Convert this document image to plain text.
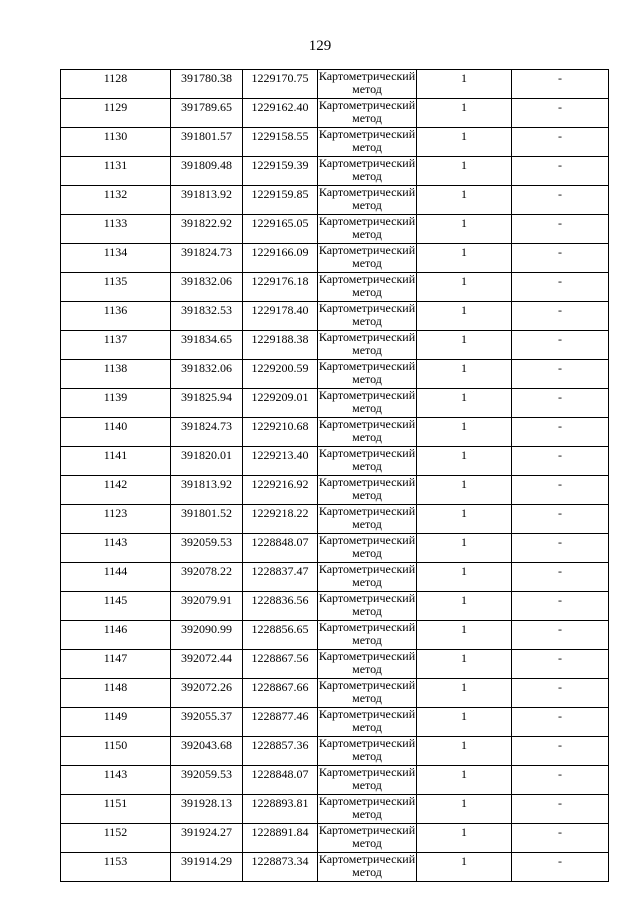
129
1128	391780.38	1229170.75	Картометрический метод	1	-
1129	391789.65	1229162.40	Картометрический метод	1	-
1130	391801.57	1229158.55	Картометрический метод	1	-
1131	391809.48	1229159.39	Картометрический метод	1	-
1132	391813.92	1229159.85	Картометрический метод	1	-
1133	391822.92	1229165.05	Картометрический метод	1	-
1134	391824.73	1229166.09	Картометрический метод	1	-
1135	391832.06	1229176.18	Картометрический метод	1	-
1136	391832.53	1229178.40	Картометрический метод	1	-
1137	391834.65	1229188.38	Картометрический метод	1	-
1138	391832.06	1229200.59	Картометрический метод	1	-
1139	391825.94	1229209.01	Картометрический метод	1	-
1140	391824.73	1229210.68	Картометрический метод	1	-
1141	391820.01	1229213.40	Картометрический метод	1	-
1142	391813.92	1229216.92	Картометрический метод	1	-
1123	391801.52	1229218.22	Картометрический метод	1	-
1143	392059.53	1228848.07	Картометрический метод	1	-
1144	392078.22	1228837.47	Картометрический метод	1	-
1145	392079.91	1228836.56	Картометрический метод	1	-
1146	392090.99	1228856.65	Картометрический метод	1	-
1147	392072.44	1228867.56	Картометрический метод	1	-
1148	392072.26	1228867.66	Картометрический метод	1	-
1149	392055.37	1228877.46	Картометрический метод	1	-
1150	392043.68	1228857.36	Картометрический метод	1	-
1143	392059.53	1228848.07	Картометрический метод	1	-
1151	391928.13	1228893.81	Картометрический метод	1	-
1152	391924.27	1228891.84	Картометрический метод	1	-
1153	391914.29	1228873.34	Картометрический метод	1	-
